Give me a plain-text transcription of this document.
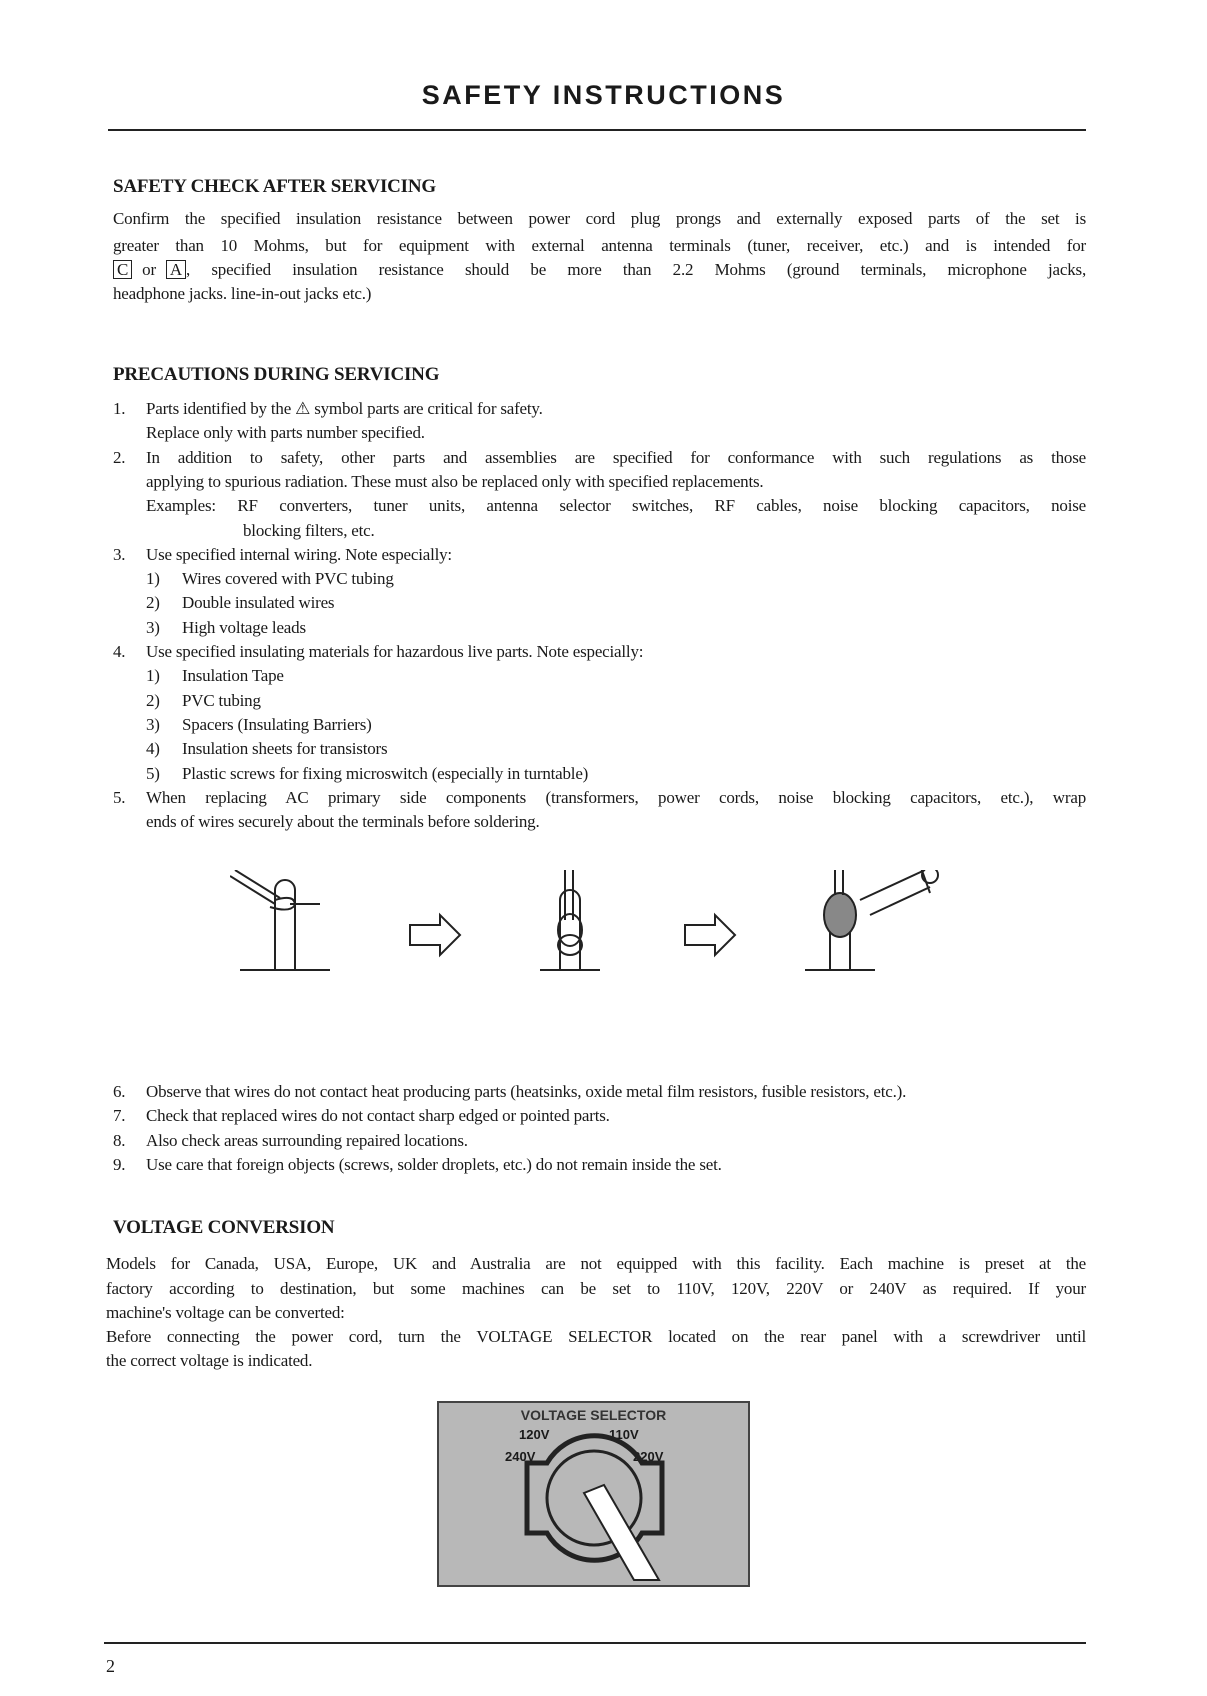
SAFETY INSTRUCTIONS
SAFETY CHECK AFTER SERVICING
Confirm the specified insulation resistance between power cord plug prongs and externally exposed parts of the set is
greater than 10 Mohms, but for equipment with external antenna terminals (tuner, receiver, etc.) and is intended for
C or A , specified insulation resistance should be more than 2.2 Mohms (ground terminals, microphone jacks,
headphone jacks. line-in-out jacks etc.)
PRECAUTIONS DURING SERVICING
1. Parts identified by the ⚠ symbol parts are critical for safety.
Replace only with parts number specified.
2. In addition to safety, other parts and assemblies are specified for conformance with such regulations as those
applying to spurious radiation. These must also be replaced only with specified replacements.
Examples: RF converters, tuner units, antenna selector switches, RF cables, noise blocking capacitors, noise
blocking filters, etc.
3. Use specified internal wiring. Note especially:
1) Wires covered with PVC tubing
2) Double insulated wires
3) High voltage leads
4. Use specified insulating materials for hazardous live parts. Note especially:
1) Insulation Tape
2) PVC tubing
3) Spacers (Insulating Barriers)
4) Insulation sheets for transistors
5) Plastic screws for fixing microswitch (especially in turntable)
5. When replacing AC primary side components (transformers, power cords, noise blocking capacitors, etc.), wrap
ends of wires securely about the terminals before soldering.
6. Observe that wires do not contact heat producing parts (heatsinks, oxide metal film resistors, fusible resistors, etc.).
7. Check that replaced wires do not contact sharp edged or pointed parts.
8. Also check areas surrounding repaired locations.
9. Use care that foreign objects (screws, solder droplets, etc.) do not remain inside the set.
VOLTAGE CONVERSION
Models for Canada, USA, Europe, UK and Australia are not equipped with this facility. Each machine is preset at the
factory according to destination, but some machines can be set to 110V, 120V, 220V or 240V as required. If your
machine's voltage can be converted:
Before connecting the power cord, turn the VOLTAGE SELECTOR located on the rear panel with a screwdriver until
the correct voltage is indicated.
VOLTAGE SELECTOR
120V	110V
240V	220V
2
